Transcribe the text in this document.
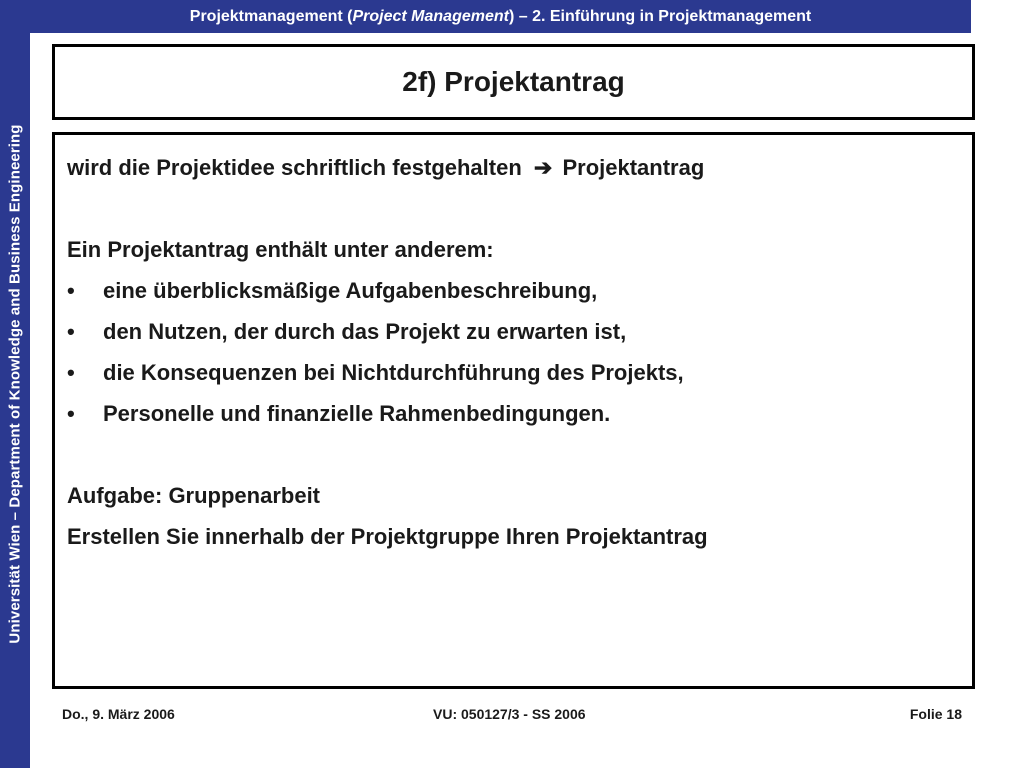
Universität Wien – Department of Knowledge and Business Engineering
Projektmanagement ( Project Management ) – 2. Einführung in Projektmanagement
2f) Projektantrag
wird die Projektidee schriftlich festgehalten ➔ Projektantrag
Ein Projektantrag enthält unter anderem:
•	eine überblicksmäßige Aufgabenbeschreibung,
•	den Nutzen, der durch das Projekt zu erwarten ist,
•	die Konsequenzen bei Nichtdurchführung des Projekts,
•	Personelle und finanzielle Rahmenbedingungen.
Aufgabe: Gruppenarbeit
Erstellen Sie innerhalb der Projektgruppe Ihren Projektantrag
Do., 9. März 2006	VU: 050127/3 - SS 2006	Folie 18
